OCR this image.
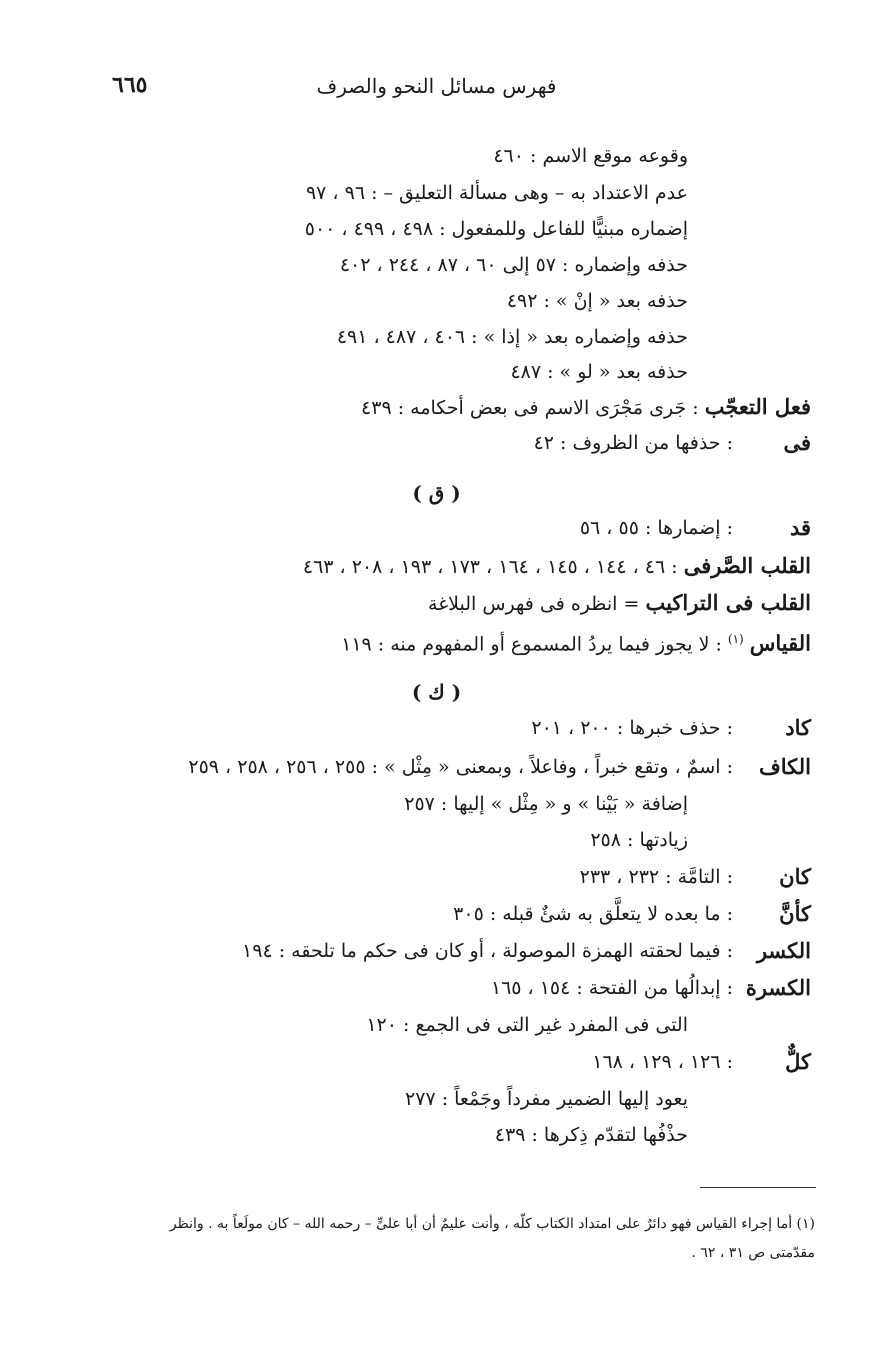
٦٦٥	فهرس مسائل النحو والصرف
وقوعه موقع الاسم : ٤٦٠
عدم الاعتداد به – وهى مسألة التعليق – : ٩٦ ، ٩٧
إضماره مبنيًّا للفاعل وللمفعول : ٤٩٨ ، ٤٩٩ ، ٥٠٠
حذفه وإضماره : ٥٧ إلى ٦٠ ، ٨٧ ، ٢٤٤ ، ٤٠٢
حذفه بعد « إنْ » : ٤٩٢
حذفه وإضماره بعد « إذا » : ٤٠٦ ، ٤٨٧ ، ٤٩١
حذفه بعد « لو » : ٤٨٧
فعل التعجّب : جَرى مَجْرَى الاسم فى بعض أحكامه : ٤٣٩
فى
: حذفها من الظروف : ٤٢
( ق )
قد
: إضمارها : ٥٥ ، ٥٦
القلب الصَّرفى : ٤٦ ، ١٤٤ ، ١٤٥ ، ١٦٤ ، ١٧٣ ، ١٩٣ ، ٢٠٨ ، ٤٦٣
القلب فى التراكيب = انظره فى فهرس البلاغة
القياس $^{(١)}$ : لا يجوز فيما يردُ المسموع أو المفهوم منه : ١١٩
( ك )
كاد
: حذف خبرها : ٢٠٠ ، ٢٠١
الكاف
: اسمٌ ، وتقع خبراً ، وفاعلاً ، وبمعنى « مِثْل » : ٢٥٥ ، ٢٥٦ ، ٢٥٨ ، ٢٥٩
إضافة « بَيْنا » و « مِثْل » إليها : ٢٥٧
زيادتها : ٢٥٨
كان
: التامَّة : ٢٣٢ ، ٢٣٣
كأنَّ
: ما بعده لا يتعلَّق به شئٌ قبله : ٣٠٥
الكسر
: فيما لحقته الهمزة الموصولة ، أو كان فى حكم ما تلحقه : ١٩٤
الكسرة
: إبدالُها من الفتحة : ١٥٤ ، ١٦٥
التى فى المفرد غير التى فى الجمع : ١٢٠
كلٌّ
: ١٢٦ ، ١٢٩ ، ١٦٨
يعود إليها الضمير مفرداً وجَمْعاً : ٢٧٧
حذْفُها لتقدّم ذِكرها : ٤٣٩
(١) أما إجراء القياس فهو دائرٌ على امتداد الكتاب كلّه ، وأنت عليمٌ أن أبا علىٍّ – رحمه الله – كان مولَعاً به . وانظر
مقدّمتى ص ٣١ ، ٦٢ .
